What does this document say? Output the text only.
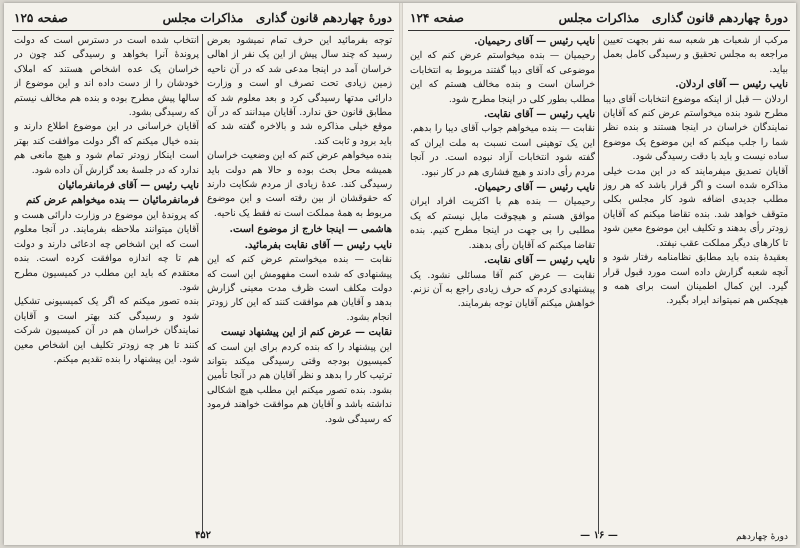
دورهٔ چهاردهم قانون گذاری
مذاکرات مجلس
صفحه ۱۲۵

توجه بفرمائید این حرف تمام نمیشود بعرض رسید که چند سال پیش از این یک نفر از اهالی خراسان آمد در اینجا مدعی شد که در آن ناحیه زمین زیادی تحت تصرف او است و وزارت دارائی مدتها رسیدگی کرد و بعد معلوم شد که مطابق قانون حق ندارد. آقایان میدانند که در آن موقع خیلی مذاکره شد و بالاخره گفته شد که باید برود و ثابت کند.

بنده میخواهم عرض کنم که این وضعیت خراسان همیشه محل بحث بوده و حالا هم دولت باید رسیدگی کند. عدهٔ زیادی از مردم شکایت دارند که حقوقشان از بین رفته است و این موضوع مربوط به همهٔ مملکت است نه فقط یک ناحیه.

هاشمی — اینجا خارج از موضوع است.

نایب رئیس — آقای نقابت بفرمائید.

نقابت — بنده میخواستم عرض کنم که این پیشنهادی که شده است مفهومش این است که دولت مکلف است ظرف مدت معینی گزارش بدهد و آقایان هم موافقت کنند که این کار زودتر انجام بشود.

نقابت — عرض کنم از این پیشنهاد نیست

این پیشنهاد را که بنده کردم برای این است که کمیسیون بودجه وقتی رسیدگی میکند بتواند ترتیب کار را بدهد و نظر آقایان هم در آنجا تأمین بشود. بنده تصور میکنم این مطلب هیچ اشکالی نداشته باشد و آقایان هم موافقت خواهند فرمود که رسیدگی شود.

انتخاب شده است در دسترس است که دولت پروندهٔ آنرا بخواهد و رسیدگی کند چون در خراسان یک عده اشخاص هستند که املاک خودشان را از دست داده اند و این موضوع از سالها پیش مطرح بوده و بنده هم مخالف نیستم که رسیدگی بشود.

آقایان خراسانی در این موضوع اطلاع دارند و بنده خیال میکنم که اگر دولت موافقت کند بهتر است اینکار زودتر تمام شود و هیچ مانعی هم ندارد که در جلسهٔ بعد گزارش آن داده شود.

نایب رئیس — آقای فرمانفرمائیان

فرمانفرمائیان — بنده میخواهم عرض کنم

که پروندهٔ این موضوع در وزارت دارائی هست و آقایان میتوانند ملاحظه بفرمایند. در آنجا معلوم است که این اشخاص چه ادعائی دارند و دولت هم تا چه اندازه موافقت کرده است. بنده معتقدم که باید این مطلب در کمیسیون مطرح شود.

بنده تصور میکنم که اگر یک کمیسیونی تشکیل شود و رسیدگی کند بهتر است و آقایان نمایندگان خراسان هم در آن کمیسیون شرکت کنند تا هر چه زودتر تکلیف این اشخاص معین شود. این پیشنهاد را بنده تقدیم میکنم.

۴۵۲
دورهٔ چهاردهم قانون گذاری
مذاکرات مجلس
صفحه ۱۲۴

مرکب از شعبات هر شعبه سه نفر بجهت تعیین مراجعه به مجلس تحقیق و رسیدگی کامل بعمل بیاید.

نایب رئیس — آقای اردلان.

اردلان — قبل از اینکه موضوع انتخابات آقای دیبا مطرح شود بنده میخواستم عرض کنم که آقایان نمایندگان خراسان در اینجا هستند و بنده نظر شما را جلب میکنم که این موضوع یک موضوع ساده نیست و باید با دقت رسیدگی شود.

آقایان تصدیق میفرمایند که در این مدت خیلی مذاکره شده است و اگر قرار باشد که هر روز مطلب جدیدی اضافه شود کار مجلس بکلی متوقف خواهد شد. بنده تقاضا میکنم که آقایان زودتر رأی بدهند و تکلیف این موضوع معین شود تا کارهای دیگر مملکت عقب نیفتد.

بعقیدهٔ بنده باید مطابق نظامنامه رفتار شود و آنچه شعبه گزارش داده است مورد قبول قرار گیرد. این کمال اطمینان است برای همه و هیچکس هم نمیتواند ایراد بگیرد.

نایب رئیس — آقای رحیمیان.

رحیمیان — بنده میخواستم عرض کنم که این موضوعی که آقای دیبا گفتند مربوط به انتخابات خراسان است و بنده مخالف هستم که این مطلب بطور کلی در اینجا مطرح شود.

نایب رئیس — آقای نقابت.

نقابت — بنده میخواهم جواب آقای دیبا را بدهم. این یک توهینی است نسبت به ملت ایران که گفته شود انتخابات آزاد نبوده است. در آنجا مردم رأی دادند و هیچ فشاری هم در کار نبود.

نایب رئیس — آقای رحیمیان.

رحیمیان — بنده هم با اکثریت افراد ایران موافق هستم و هیچوقت مایل نیستم که یک مطلبی را بی جهت در اینجا مطرح کنیم. بنده تقاضا میکنم که آقایان رأی بدهند.

نایب رئیس — آقای نقابت.

نقابت — عرض کنم آقا مسائلی نشود. یک پیشنهادی کردم که حرف زیادی راجع به آن نزنم. خواهش میکنم آقایان توجه بفرمایند.

— ۱۶ —	دورهٔ چهاردهم
